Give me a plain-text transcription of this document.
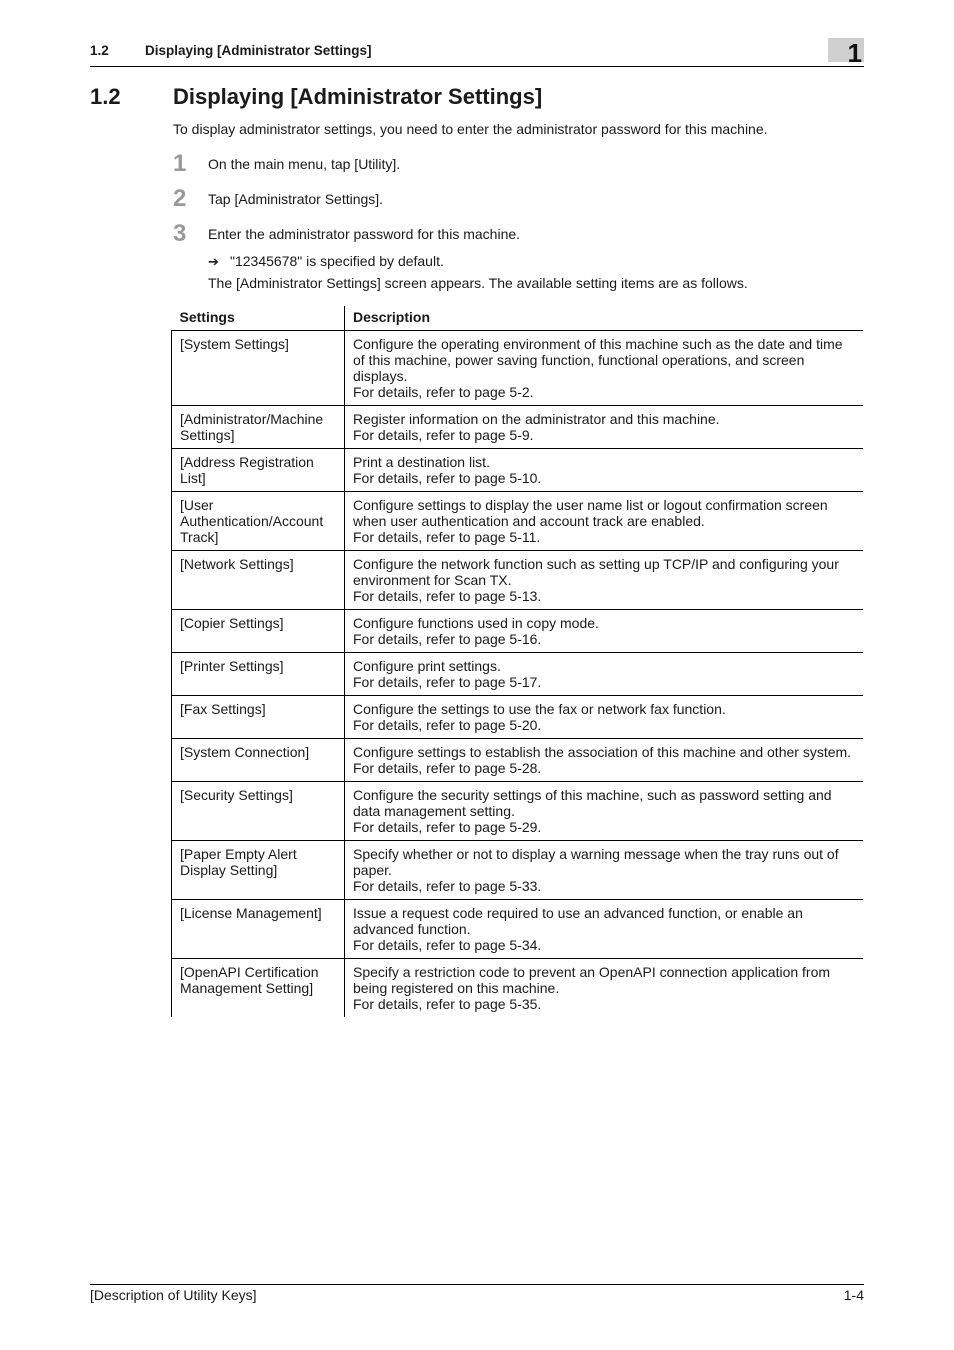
1.2	Displaying [Administrator Settings]	1
1.2 Displaying [Administrator Settings]
To display administrator settings, you need to enter the administrator password for this machine.
1 On the main menu, tap [Utility].
2 Tap [Administrator Settings].
3 Enter the administrator password for this machine.
➔ "12345678" is specified by default.
The [Administrator Settings] screen appears. The available setting items are as follows.
Settings	Description
[System Settings]	Configure the operating environment of this machine such as the date and time of this machine, power saving function, functional operations, and screen displays.
For details, refer to page 5-2.

[Administrator/Machine Settings]	Register information on the administrator and this machine.
For details, refer to page 5-9.

[Address Registration List]	Print a destination list.
For details, refer to page 5-10.

[User Authentication/Account Track]	Configure settings to display the user name list or logout confirmation screen when user authentication and account track are enabled.
For details, refer to page 5-11.

[Network Settings]	Configure the network function such as setting up TCP/IP and configuring your environment for Scan TX.
For details, refer to page 5-13.

[Copier Settings]	Configure functions used in copy mode.
For details, refer to page 5-16.

[Printer Settings]	Configure print settings.
For details, refer to page 5-17.

[Fax Settings]	Configure the settings to use the fax or network fax function.
For details, refer to page 5-20.

[System Connection]	Configure settings to establish the association of this machine and other system.
For details, refer to page 5-28.

[Security Settings]	Configure the security settings of this machine, such as password setting and data management setting.
For details, refer to page 5-29.

[Paper Empty Alert Display Setting]	Specify whether or not to display a warning message when the tray runs out of paper.
For details, refer to page 5-33.

[License Management]	Issue a request code required to use an advanced function, or enable an advanced function.
For details, refer to page 5-34.

[OpenAPI Certification Management Setting]	Specify a restriction code to prevent an OpenAPI connection application from being registered on this machine.
For details, refer to page 5-35.
[Description of Utility Keys]	1-4
